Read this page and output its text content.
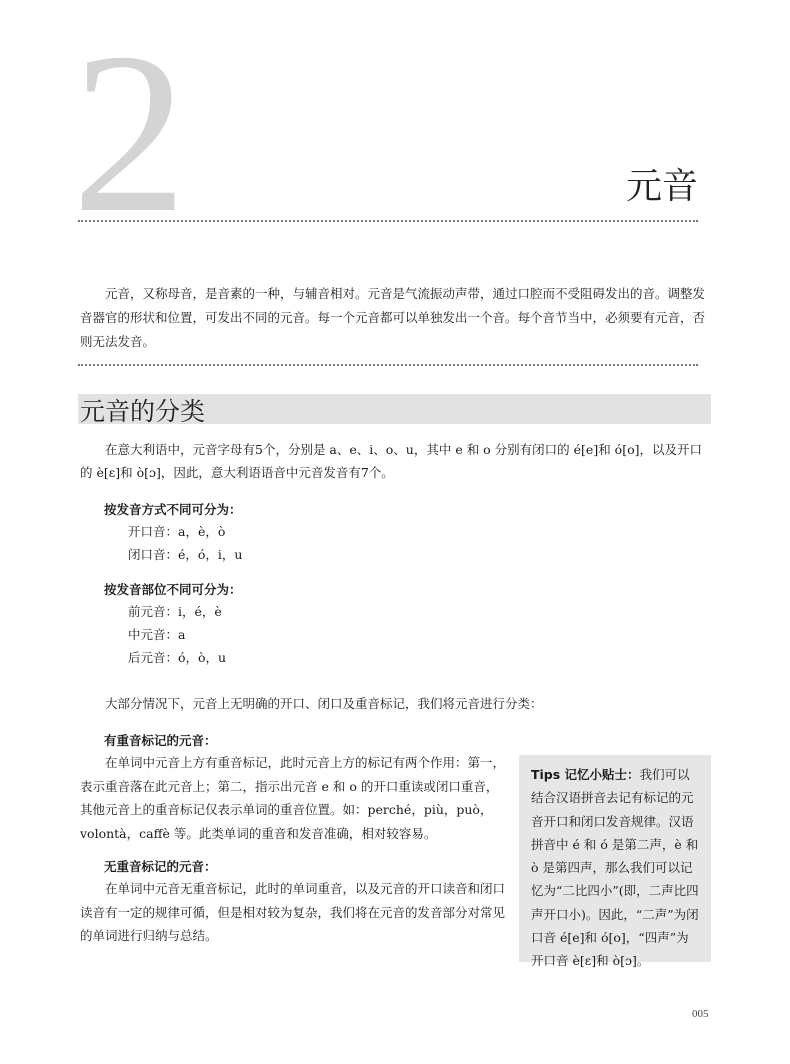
2	元音

元音，又称母音，是音素的一种，与辅音相对。元音是气流振动声带，通过口腔而不受阻碍发出的音。调整发音器官的形状和位置，可发出不同的元音。每一个元音都可以单独发出一个音。每个音节当中，必须要有元音，否则无法发音。

元音的分类

在意大利语中，元音字母有5个，分别是 a、e、i、o、u，其中 e 和 o 分别有闭口的 é[e]和 ó[o]，以及开口的 è[ɛ]和 ò[ɔ]，因此，意大利语语音中元音发音有7个。

按发音方式不同可分为：

开口音：a，è，ò

闭口音：é，ó，i，u

按发音部位不同可分为：

前元音：i，é，è

中元音：a

后元音：ó，ò，u

大部分情况下，元音上无明确的开口、闭口及重音标记，我们将元音进行分类：

有重音标记的元音：

在单词中元音上方有重音标记，此时元音上方的标记有两个作用：第一，表示重音落在此元音上；第二，指示出元音 e 和 o 的开口重读或闭口重音，其他元音上的重音标记仅表示单词的重音位置。如：perché，più，può，volontà，caffè 等。此类单词的重音和发音准确，相对较容易。

无重音标记的元音：

在单词中元音无重音标记，此时的单词重音，以及元音的开口读音和闭口读音有一定的规律可循，但是相对较为复杂，我们将在元音的发音部分对常见的单词进行归纳与总结。

Tips 记忆小贴士：我们可以结合汉语拼音去记有标记的元音开口和闭口发音规律。汉语拼音中 é 和 ó 是第二声，è 和 ò 是第四声，那么我们可以记忆为“二比四小”(即，二声比四声开口小)。因此，“二声”为闭口音 é[e]和 ó[o]，“四声”为开口音 è[ɛ]和 ò[ɔ]。
005
